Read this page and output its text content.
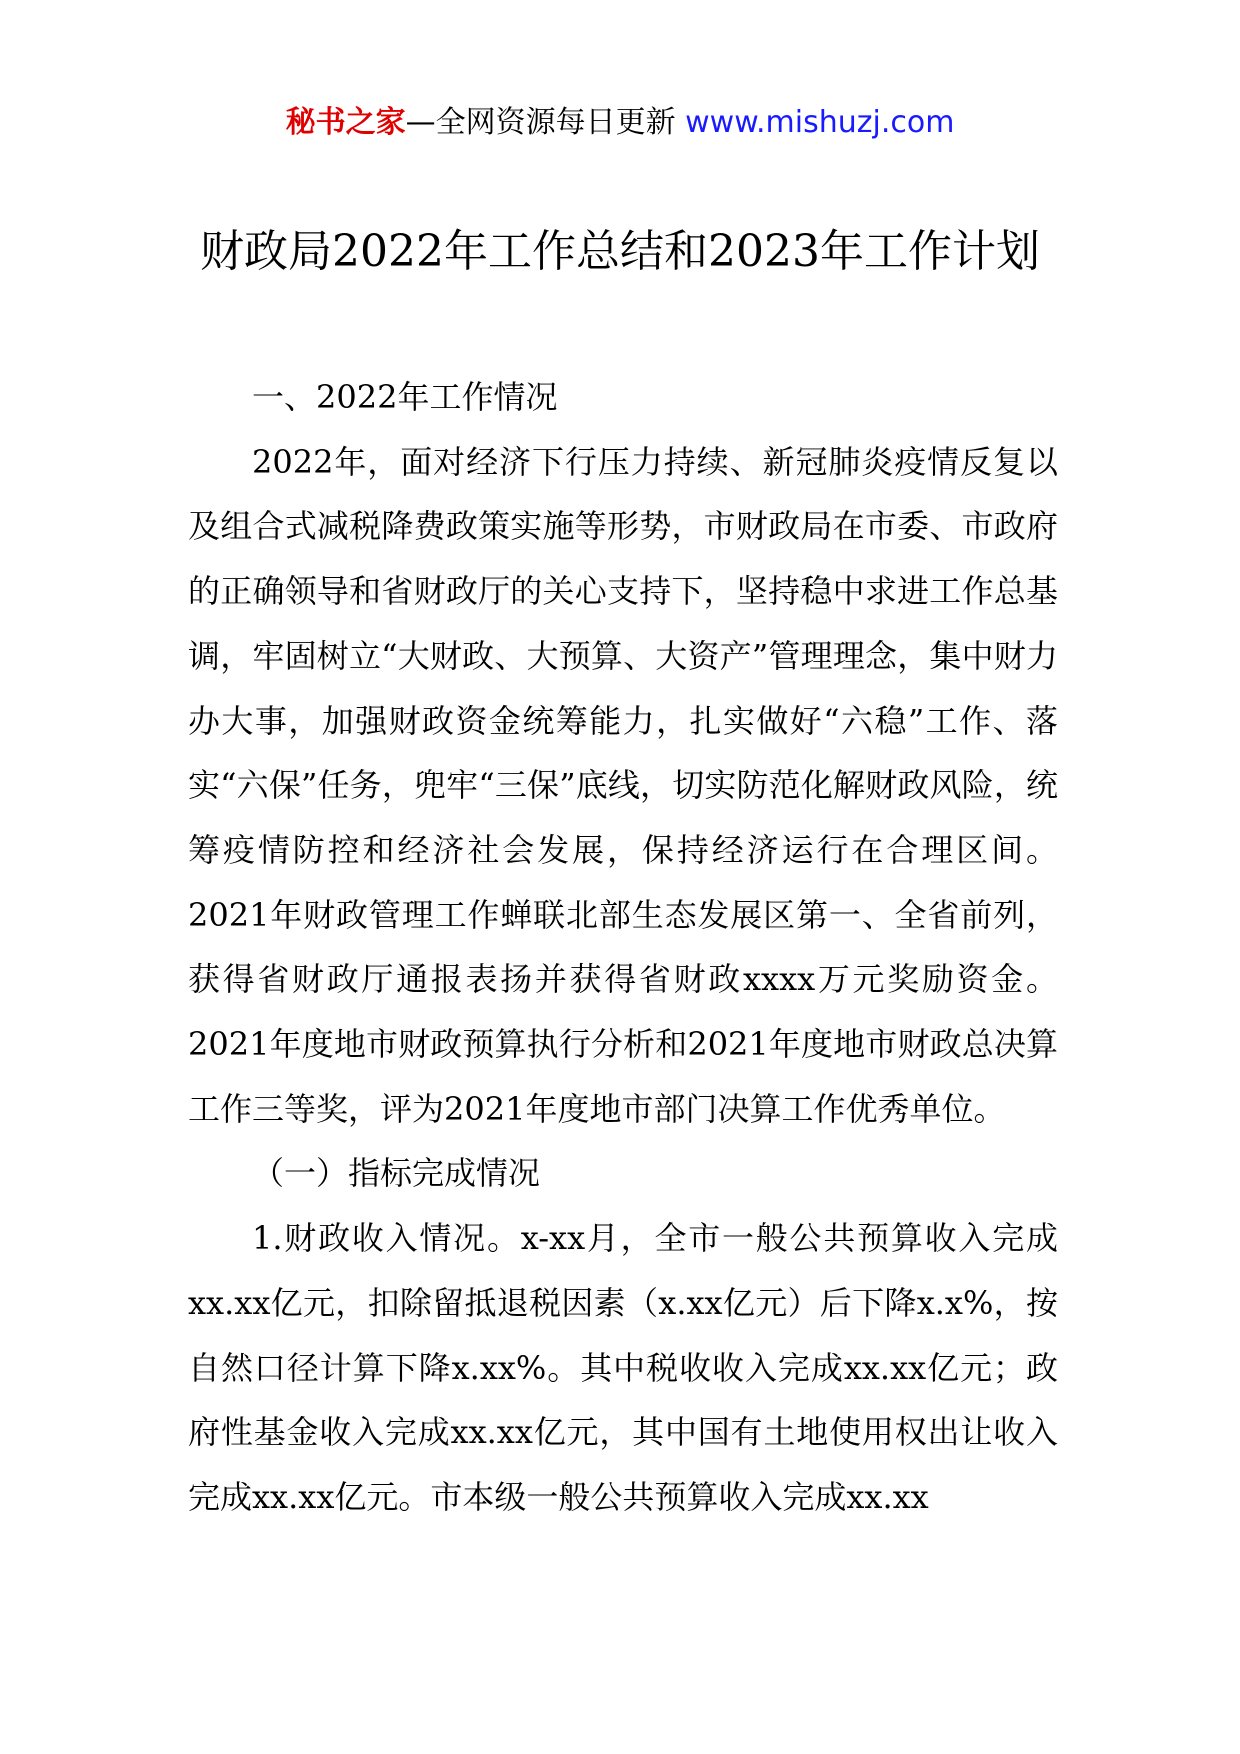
秘书之家—全网资源每日更新 www.mishuzj.com
财政局2022年工作总结和2023年工作计划

一、2022年工作情况

2022年，面对经济下行压力持续、新冠肺炎疫情反复以及组合式减税降费政策实施等形势，市财政局在市委、市政府的正确领导和省财政厅的关心支持下，坚持稳中求进工作总基调，牢固树立“大财政、大预算、大资产”管理理念，集中财力办大事，加强财政资金统筹能力，扎实做好“六稳”工作、落实“六保”任务，兜牢“三保”底线，切实防范化解财政风险，统筹疫情防控和经济社会发展，保持经济运行在合理区间。2021年财政管理工作蝉联北部生态发展区第一、全省前列，获得省财政厅通报表扬并获得省财政xxxx万元奖励资金。2021年度地市财政预算执行分析和2021年度地市财政总决算工作三等奖，评为2021年度地市部门决算工作优秀单位。

（一）指标完成情况

1.财政收入情况。x-xx月，全市一般公共预算收入完成xx.xx亿元，扣除留抵退税因素（x.xx亿元）后下降x.x%，按自然口径计算下降x.xx%。其中税收收入完成xx.xx亿元；政府性基金收入完成xx.xx亿元，其中国有土地使用权出让收入完成xx.xx亿元。市本级一般公共预算收入完成xx.xx
